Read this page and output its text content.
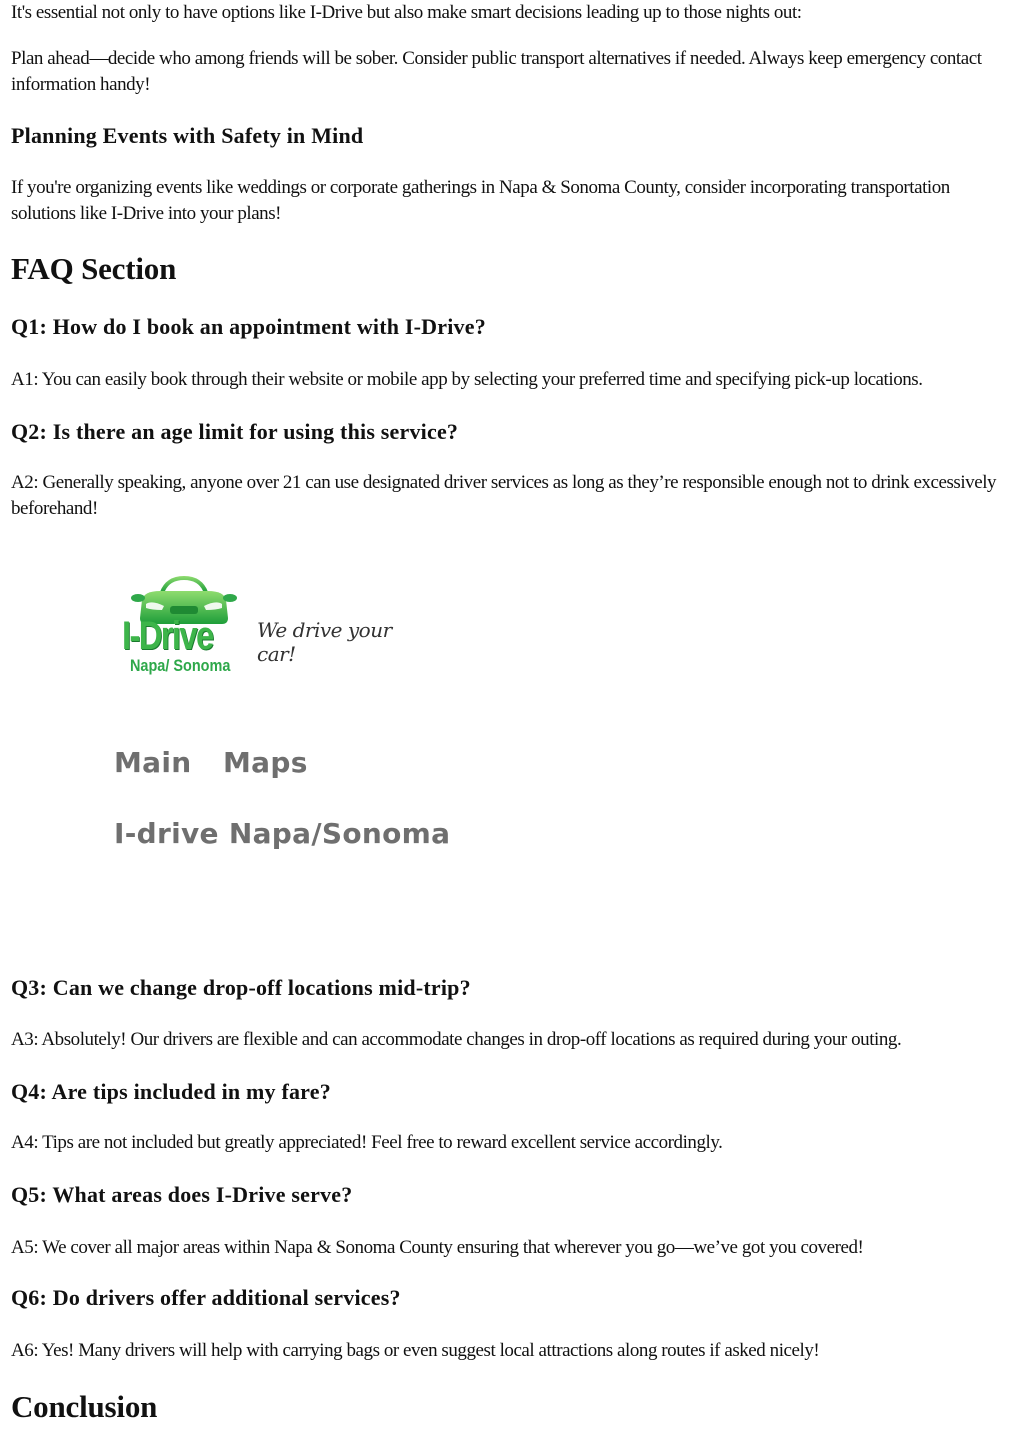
It's essential not only to have options like I-Drive but also make smart decisions leading up to those nights out:

Plan ahead—decide who among friends will be sober. Consider public transport alternatives if needed. Always keep emergency contact information handy!

Planning Events with Safety in Mind

If you're organizing events like weddings or corporate gatherings in Napa & Sonoma County, consider incorporating transportation solutions like I-Drive into your plans!

FAQ Section
Q1: How do I book an appointment with I-Drive?

A1: You can easily book through their website or mobile app by selecting your preferred time and specifying pick-up locations.

Q2: Is there an age limit for using this service?

A2: Generally speaking, anyone over 21 can use designated driver services as long as they’re responsible enough not to drink excessively beforehand!

I-Drive
Napa/ Sonoma
We drive your car!
Main Maps
I-drive Napa/Sonoma
Q3: Can we change drop-off locations mid-trip?

A3: Absolutely! Our drivers are flexible and can accommodate changes in drop-off locations as required during your outing.

Q4: Are tips included in my fare?

A4: Tips are not included but greatly appreciated! Feel free to reward excellent service accordingly.

Q5: What areas does I-Drive serve?

A5: We cover all major areas within Napa & Sonoma County ensuring that wherever you go—we’ve got you covered!

Q6: Do drivers offer additional services?

A6: Yes! Many drivers will help with carrying bags or even suggest local attractions along routes if asked nicely!

Conclusion
